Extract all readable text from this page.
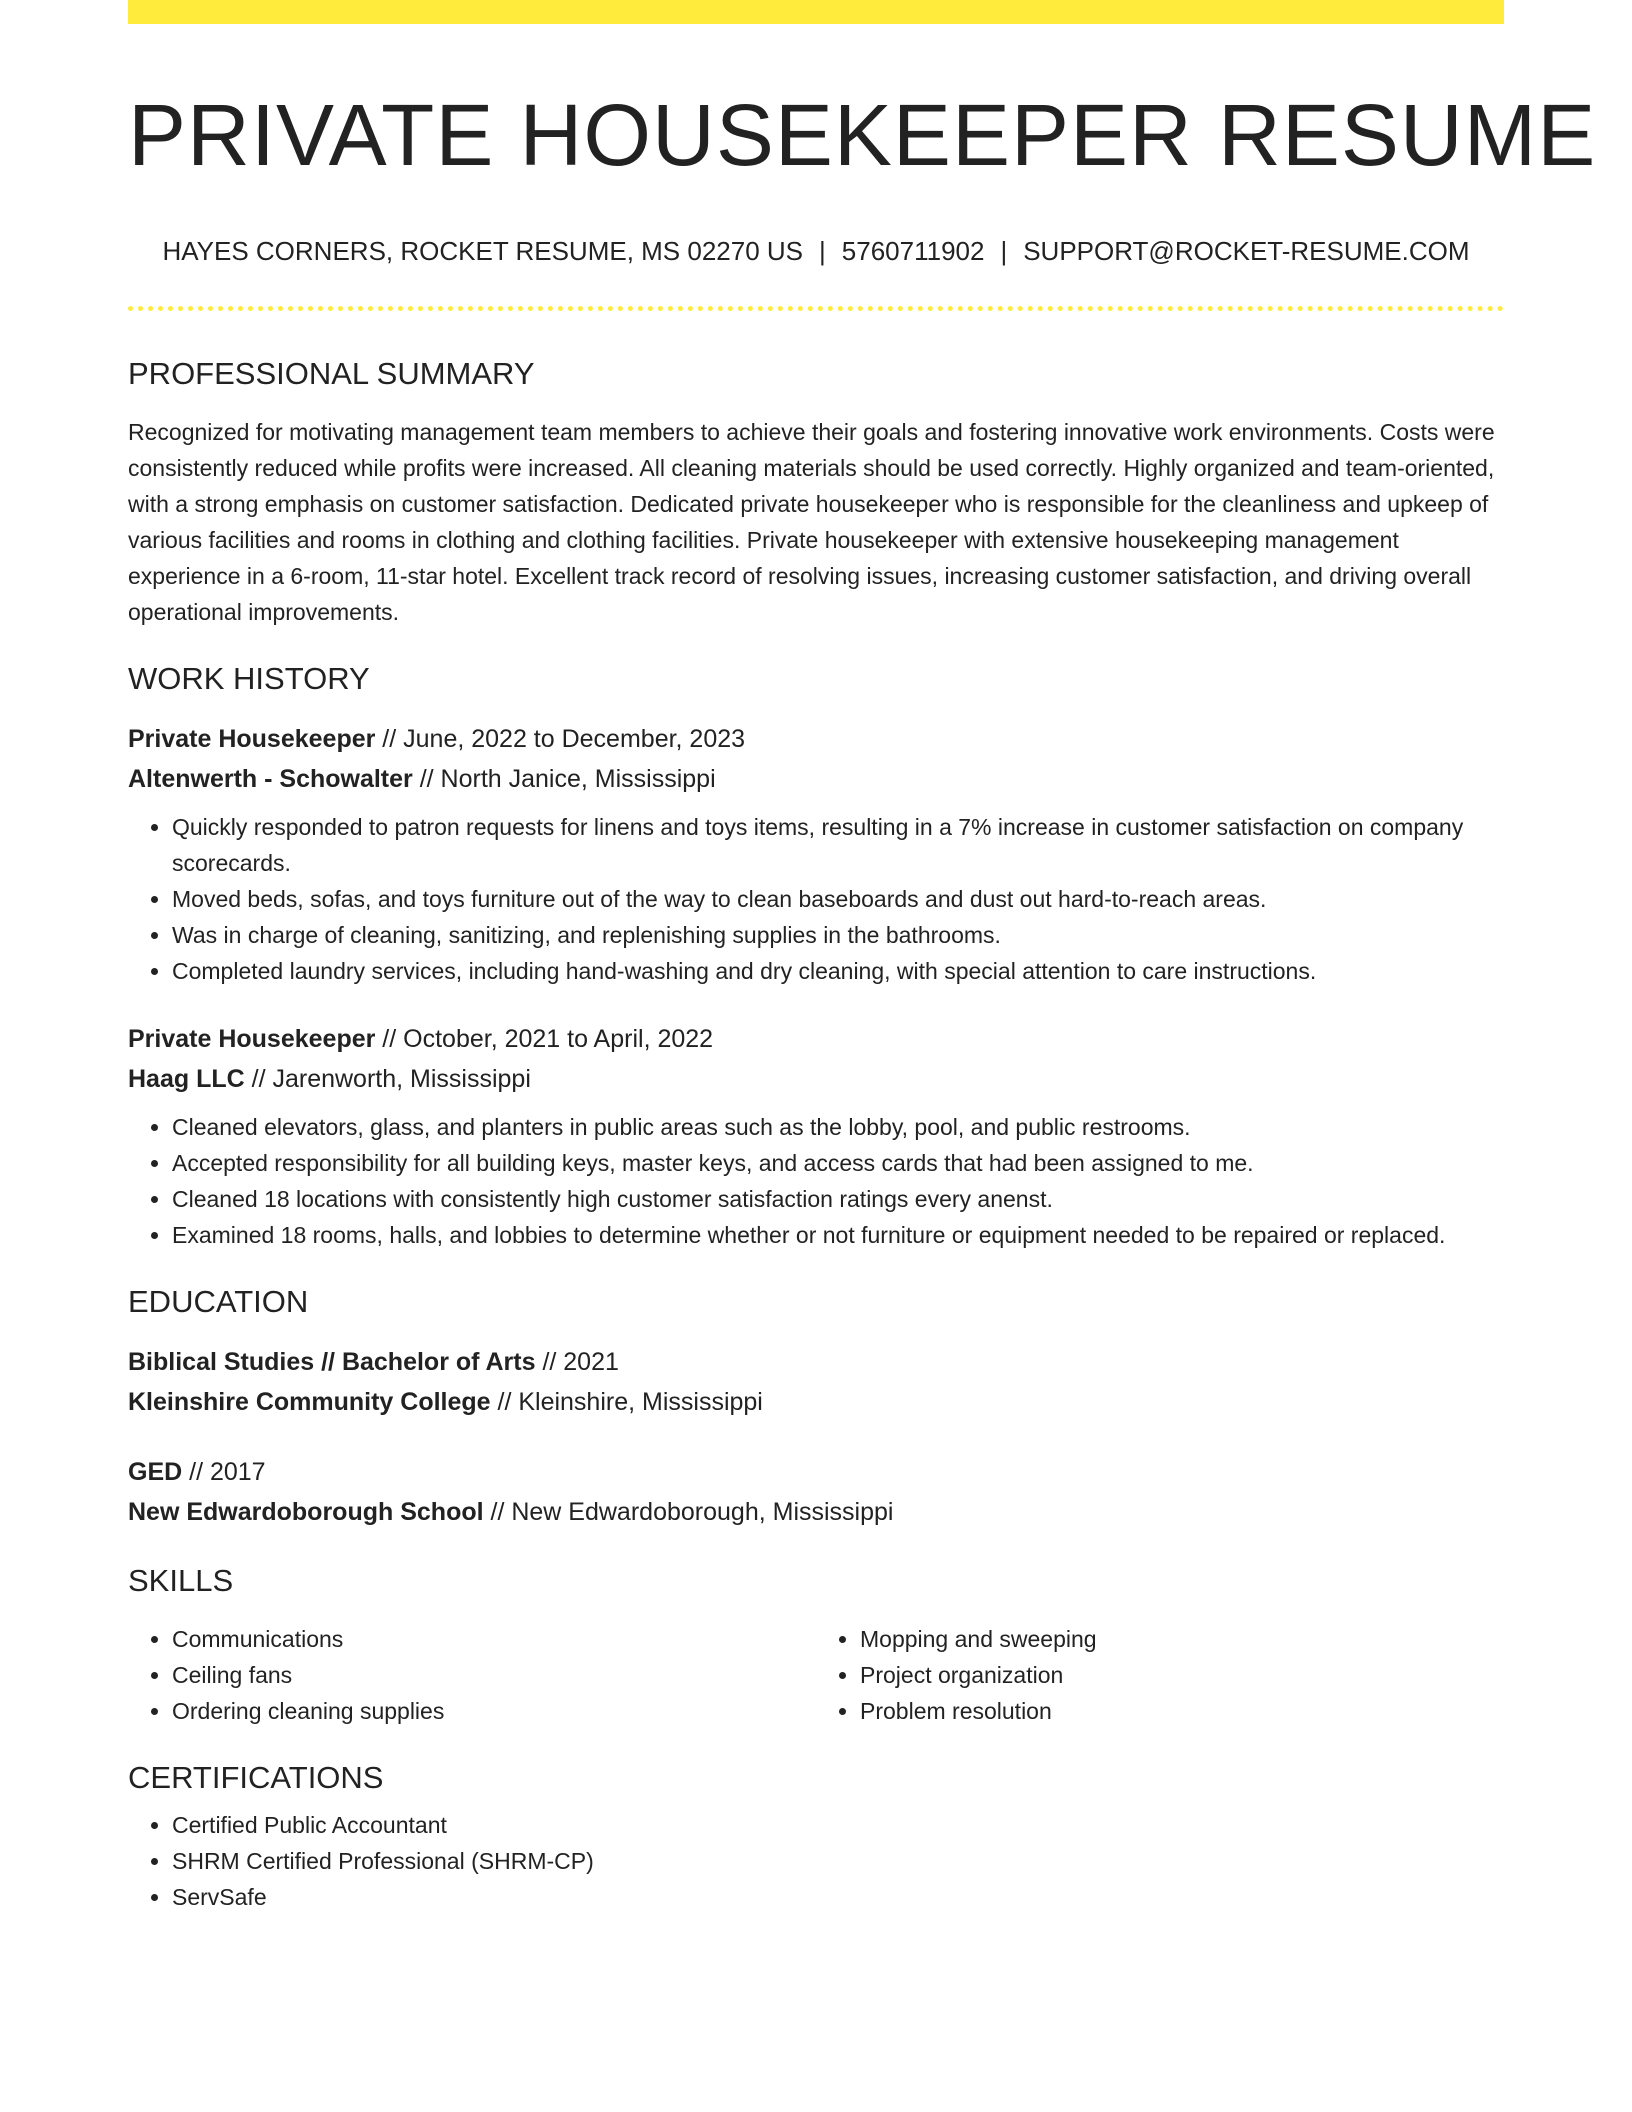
PRIVATE HOUSEKEEPER RESUME
HAYES CORNERS, ROCKET RESUME, MS 02270 US | 5760711902 | SUPPORT@ROCKET-RESUME.COM
PROFESSIONAL SUMMARY
Recognized for motivating management team members to achieve their goals and fostering innovative work environments. Costs were consistently reduced while profits were increased. All cleaning materials should be used correctly. Highly organized and team-oriented, with a strong emphasis on customer satisfaction. Dedicated private housekeeper who is responsible for the cleanliness and upkeep of various facilities and rooms in clothing and clothing facilities. Private housekeeper with extensive housekeeping management experience in a 6-room, 11-star hotel. Excellent track record of resolving issues, increasing customer satisfaction, and driving overall operational improvements.
WORK HISTORY
Private Housekeeper // June, 2022 to December, 2023
Altenwerth - Schowalter // North Janice, Mississippi
• Quickly responded to patron requests for linens and toys items, resulting in a 7% increase in customer satisfaction on company scorecards.
• Moved beds, sofas, and toys furniture out of the way to clean baseboards and dust out hard-to-reach areas.
• Was in charge of cleaning, sanitizing, and replenishing supplies in the bathrooms.
• Completed laundry services, including hand-washing and dry cleaning, with special attention to care instructions.
Private Housekeeper // October, 2021 to April, 2022
Haag LLC // Jarenworth, Mississippi
• Cleaned elevators, glass, and planters in public areas such as the lobby, pool, and public restrooms.
• Accepted responsibility for all building keys, master keys, and access cards that had been assigned to me.
• Cleaned 18 locations with consistently high customer satisfaction ratings every anenst.
• Examined 18 rooms, halls, and lobbies to determine whether or not furniture or equipment needed to be repaired or replaced.
EDUCATION
Biblical Studies // Bachelor of Arts // 2021
Kleinshire Community College // Kleinshire, Mississippi
GED // 2017
New Edwardoborough School // New Edwardoborough, Mississippi
SKILLS
• Communications
• Ceiling fans
• Ordering cleaning supplies
• Mopping and sweeping
• Project organization
• Problem resolution
CERTIFICATIONS
• Certified Public Accountant
• SHRM Certified Professional (SHRM-CP)
• ServSafe
